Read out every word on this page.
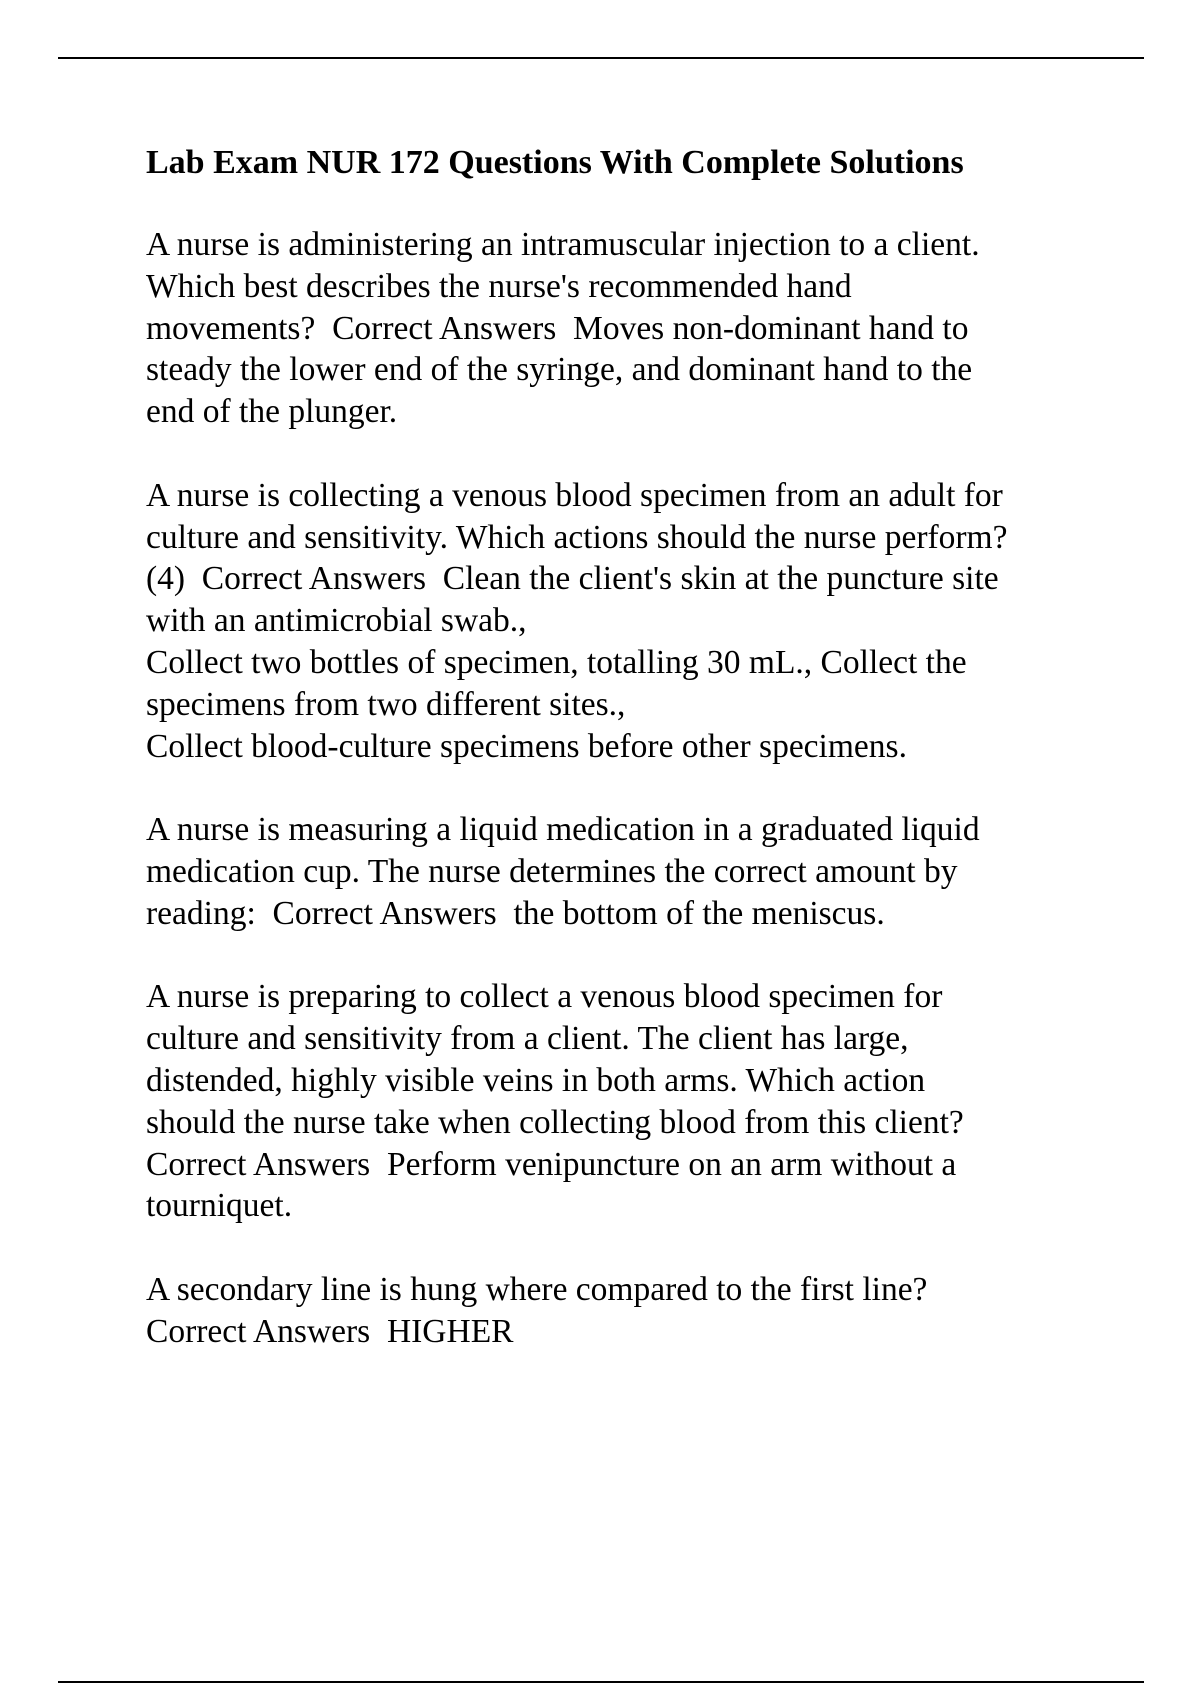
Lab Exam NUR 172 Questions With Complete Solutions
A nurse is administering an intramuscular injection to a client.
Which best describes the nurse's recommended hand
movements?  Correct Answers  Moves non-dominant hand to
steady the lower end of the syringe, and dominant hand to the
end of the plunger.
A nurse is collecting a venous blood specimen from an adult for
culture and sensitivity. Which actions should the nurse perform?
(4)  Correct Answers  Clean the client's skin at the puncture site
with an antimicrobial swab.,
Collect two bottles of specimen, totalling 30 mL., Collect the
specimens from two different sites.,
Collect blood-culture specimens before other specimens.
A nurse is measuring a liquid medication in a graduated liquid
medication cup. The nurse determines the correct amount by
reading:  Correct Answers  the bottom of the meniscus.
A nurse is preparing to collect a venous blood specimen for
culture and sensitivity from a client. The client has large,
distended, highly visible veins in both arms. Which action
should the nurse take when collecting blood from this client?
Correct Answers  Perform venipuncture on an arm without a
tourniquet.
A secondary line is hung where compared to the first line?
Correct Answers  HIGHER
